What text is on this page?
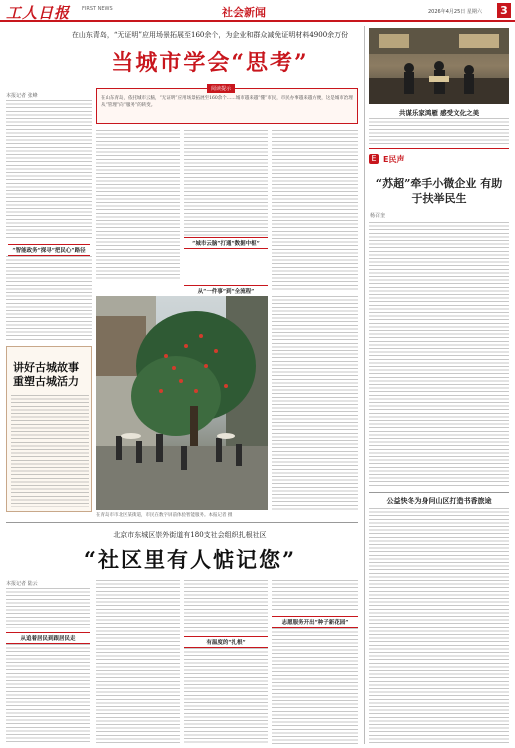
工人日报 FIRST NEWS	社会新闻	2026年4月25日 星期六 3
在山东青岛，“无证明”应用场景拓展至160余个，为企业和群众减免证明材料4900余万份
当城市学会“思考”
本报记者 张峰
“智能政务”探寻“把民心”路径
阅读提示
在山东青岛，依托城市云脑，“无证明”应用场景拓展至160余个……城市越来越“懂”市民，市民办事越来越方便，这是城市治理从“管理”向“服务”的转变。
从“一件事”到“全流程”
“城市云脑”打通“数据中枢”
在青岛市市北区某街道，市民在数字屏前体验智能服务。本报记者 摄
讲好古城故事 重塑古城活力
北京市东城区崇外街道有180支社会组织扎根社区
“社区里有人惦记您”
本报记者 陆云
从追着居民到跟居民走
有温度的“扎根”
志愿服务开出“种子新花园”
共谋乐家鸿雁 感受文化之美
E E民声
“苏超”牵手小微企业 有助于扶举民生
杨召奎
公益快冬为身问山区打造书香旅途
